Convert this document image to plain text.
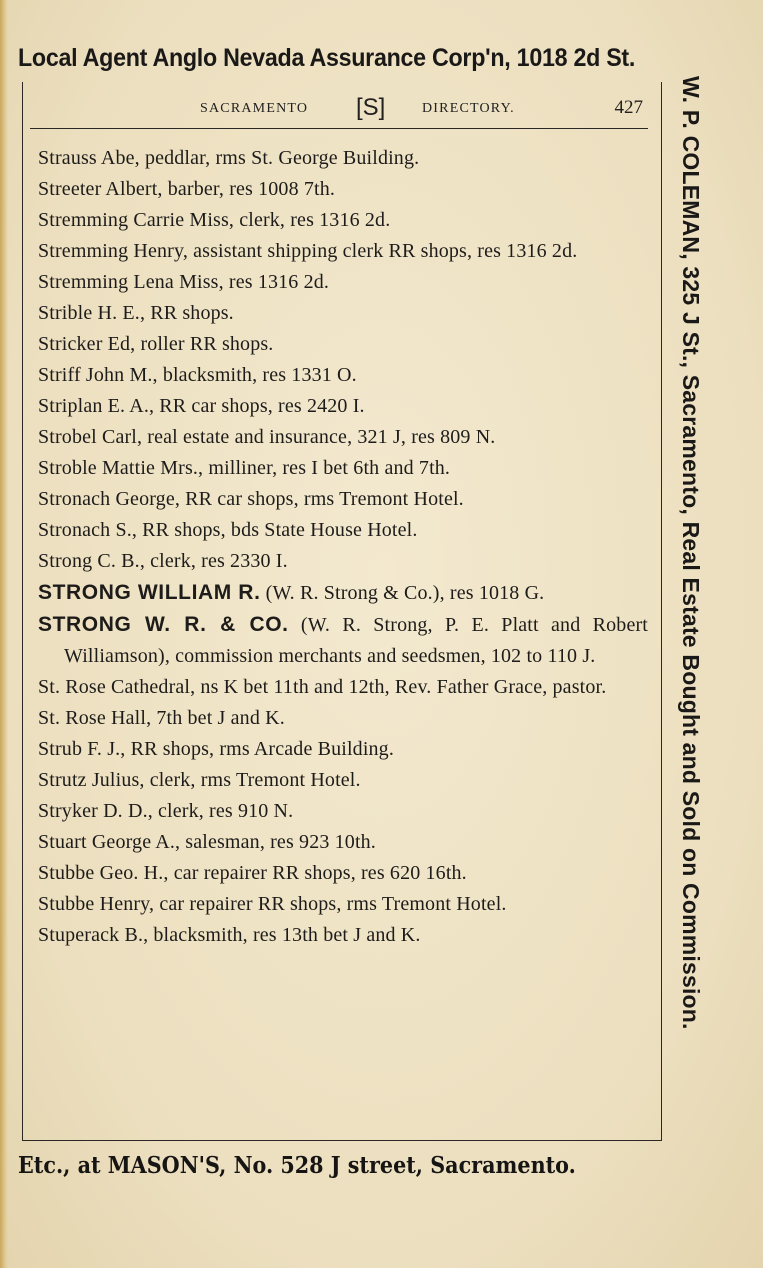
Local Agent Anglo Nevada Assurance Corp'n, 1018 2d St.
SACRAMENTO [S]	DIRECTORY.	427
Strauss Abe, peddlar, rms St. George Building.
Streeter Albert, barber, res 1008 7th.
Stremming Carrie Miss, clerk, res 1316 2d.
Stremming Henry, assistant shipping clerk RR shops, res 1316 2d.
Stremming Lena Miss, res 1316 2d.
Strible H. E., RR shops.
Stricker Ed, roller RR shops.
Striff John M., blacksmith, res 1331 O.
Striplan E. A., RR car shops, res 2420 I.
Strobel Carl, real estate and insurance, 321 J, res 809 N.
Stroble Mattie Mrs., milliner, res I bet 6th and 7th.
Stronach George, RR car shops, rms Tremont Hotel.
Stronach S., RR shops, bds State House Hotel.
Strong C. B., clerk, res 2330 I.
STRONG WILLIAM R. (W. R. Strong & Co.), res 1018 G.
STRONG W. R. & CO. (W. R. Strong, P. E. Platt and Robert Williamson), commission merchants and seedsmen, 102 to 110 J.
St. Rose Cathedral, ns K bet 11th and 12th, Rev. Father Grace, pastor.
St. Rose Hall, 7th bet J and K.
Strub F. J., RR shops, rms Arcade Building.
Strutz Julius, clerk, rms Tremont Hotel.
Stryker D. D., clerk, res 910 N.
Stuart George A., salesman, res 923 10th.
Stubbe Geo. H., car repairer RR shops, res 620 16th.
Stubbe Henry, car repairer RR shops, rms Tremont Hotel.
Stuperack B., blacksmith, res 13th bet J and K.	W. P. COLEMAN, 325 J St., Sacramento, Real Estate Bought and Sold on Commission.
Etc., at MASON'S, No. 528 J street, Sacramento.
